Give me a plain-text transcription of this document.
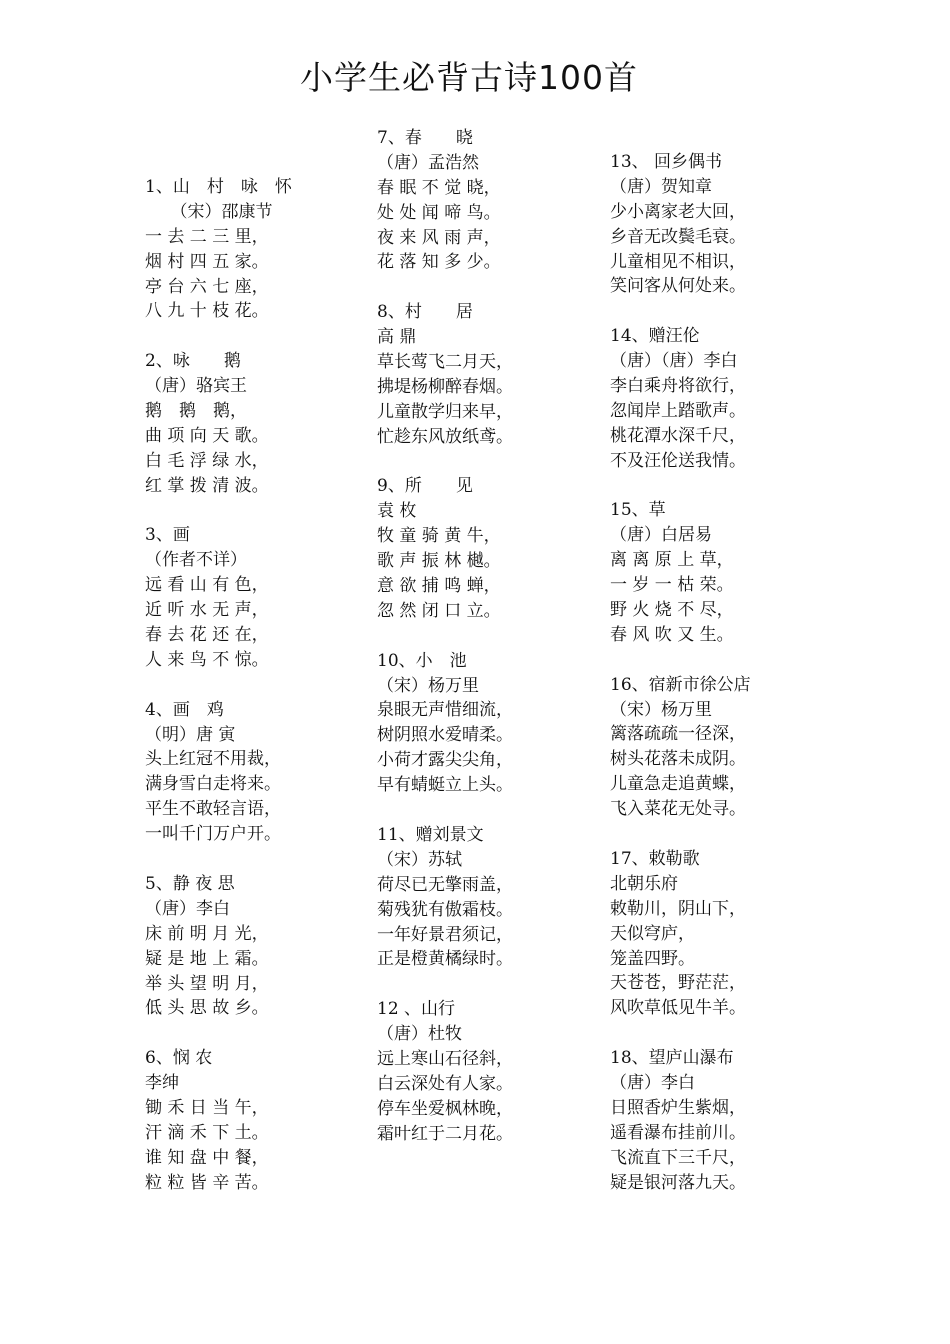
小学生必背古诗100首
1、山　村　咏　怀
　　（宋）邵康节
一 去 二 三 里，
烟 村 四 五 家。
亭 台 六 七 座，
八 九 十 枝 花。
2、咏　　鹅
（唐）骆宾王
鹅　鹅　鹅，
曲 项 向 天 歌。
白 毛 浮 绿 水，
红 掌 拨 清 波。
3、画
（作者不详）
远 看 山 有 色，
近 听 水 无 声，
春 去 花 还 在，
人 来 鸟 不 惊。
4、画　鸡
（明）唐 寅
头上红冠不用裁，
满身雪白走将来。
平生不敢轻言语，
一叫千门万户开。
5、静 夜 思
（唐）李白
床 前 明 月 光，
疑 是 地 上 霜。
举 头 望 明 月，
低 头 思 故 乡。
6、悯 农
李绅
锄 禾 日 当 午，
汗 滴 禾 下 土。
谁 知 盘 中 餐，
粒 粒 皆 辛 苦。
7、春　　晓
（唐）孟浩然
春 眠 不 觉 晓，
处 处 闻 啼 鸟。
夜 来 风 雨 声，
花 落 知 多 少。
8、村　　居
高 鼎
草长莺飞二月天，
拂堤杨柳醉春烟。
儿童散学归来早，
忙趁东风放纸鸢。
9、所　　见
袁 枚
牧 童 骑 黄 牛，
歌 声 振 林 樾。
意 欲 捕 鸣 蝉，
忽 然 闭 口 立。
10、小　池
（宋）杨万里
泉眼无声惜细流，
树阴照水爱晴柔。
小荷才露尖尖角，
早有蜻蜓立上头。
11、赠刘景文
（宋）苏轼
荷尽已无擎雨盖，
菊残犹有傲霜枝。
一年好景君须记，
正是橙黄橘绿时。
12 、山行
（唐）杜牧
远上寒山石径斜，
白云深处有人家。
停车坐爱枫林晚，
霜叶红于二月花。
13、 回乡偶书
（唐）贺知章
少小离家老大回，
乡音无改鬓毛衰。
儿童相见不相识，
笑问客从何处来。
14、赠汪伦
（唐）（唐）李白
李白乘舟将欲行，
忽闻岸上踏歌声。
桃花潭水深千尺，
不及汪伦送我情。
15、草
（唐）白居易
离 离 原 上 草，
一 岁 一 枯 荣。
野 火 烧 不 尽，
春 风 吹 又 生。
16、宿新市徐公店
（宋）杨万里
篱落疏疏一径深，
树头花落未成阴。
儿童急走追黄蝶，
飞入菜花无处寻。
17、敕勒歌
北朝乐府
敕勒川，阴山下，
天似穹庐，
笼盖四野。
天苍苍，野茫茫，
风吹草低见牛羊。
18、望庐山瀑布
（唐）李白
日照香炉生紫烟，
遥看瀑布挂前川。
飞流直下三千尺，
疑是银河落九天。
